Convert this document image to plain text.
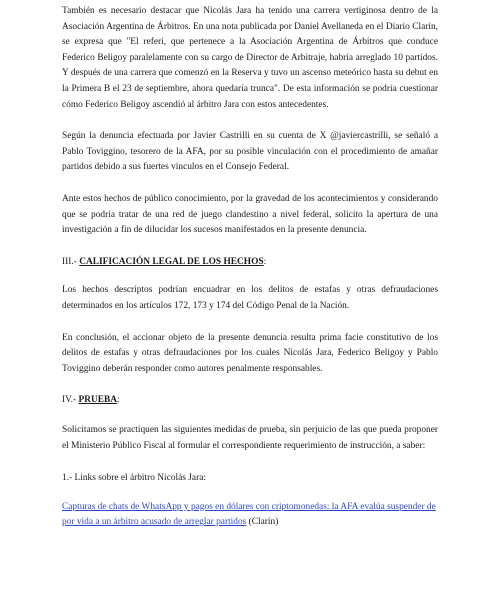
También es necesario destacar que Nicolás Jara ha tenido una carrera vertiginosa dentro de la Asociación Argentina de Árbitros. En una nota publicada por Daniel Avellaneda en el Diario Clarín, se expresa que "El referí, que pertenece a la Asociación Argentina de Árbitros que conduce Federico Beligoy paralelamente con su cargo de Director de Arbitraje, habría arreglado 10 partidos. Y después de una carrera que comenzó en la Reserva y tuvo un ascenso meteórico hasta su debut en la Primera B el 23 de septiembre, ahora quedaría trunca". De esta información se podría cuestionar cómo Federico Beligoy ascendió al árbitro Jara con estos antecedentes.

Según la denuncia efectuada por Javier Castrilli en su cuenta de X @javiercastrilli, se señaló a Pablo Toviggino, tesorero de la AFA, por su posible vinculación con el procedimiento de amañar partidos debido a sus fuertes vínculos en el Consejo Federal.

Ante estos hechos de público conocimiento, por la gravedad de los acontecimientos y considerando que se podría tratar de una red de juego clandestino a nivel federal, solicito la apertura de una investigación a fin de dilucidar los sucesos manifestados en la presente denuncia.

III.- CALIFICACIÓN LEGAL DE LOS HECHOS:

Los hechos descriptos podrían encuadrar en los delitos de estafas y otras defraudaciones determinados en los artículos 172, 173 y 174 del Código Penal de la Nación.

En conclusión, el accionar objeto de la presente denuncia resulta prima facie constitutivo de los delitos de estafas y otras defraudaciones por los cuales Nicolás Jara, Federico Beligoy y Pablo Toviggino deberán responder como autores penalmente responsables.

IV.- PRUEBA:

Solicitamos se practiquen las siguientes medidas de prueba, sin perjuicio de las que pueda proponer el Ministerio Público Fiscal al formular el correspondiente requerimiento de instrucción, a saber:

1.- Links sobre el árbitro Nicolás Jara:

Capturas de chats de WhatsApp y pagos en dólares con criptomonedas: la AFA evalúa suspender de por vida a un árbitro acusado de arreglar partidos (Clarín)
